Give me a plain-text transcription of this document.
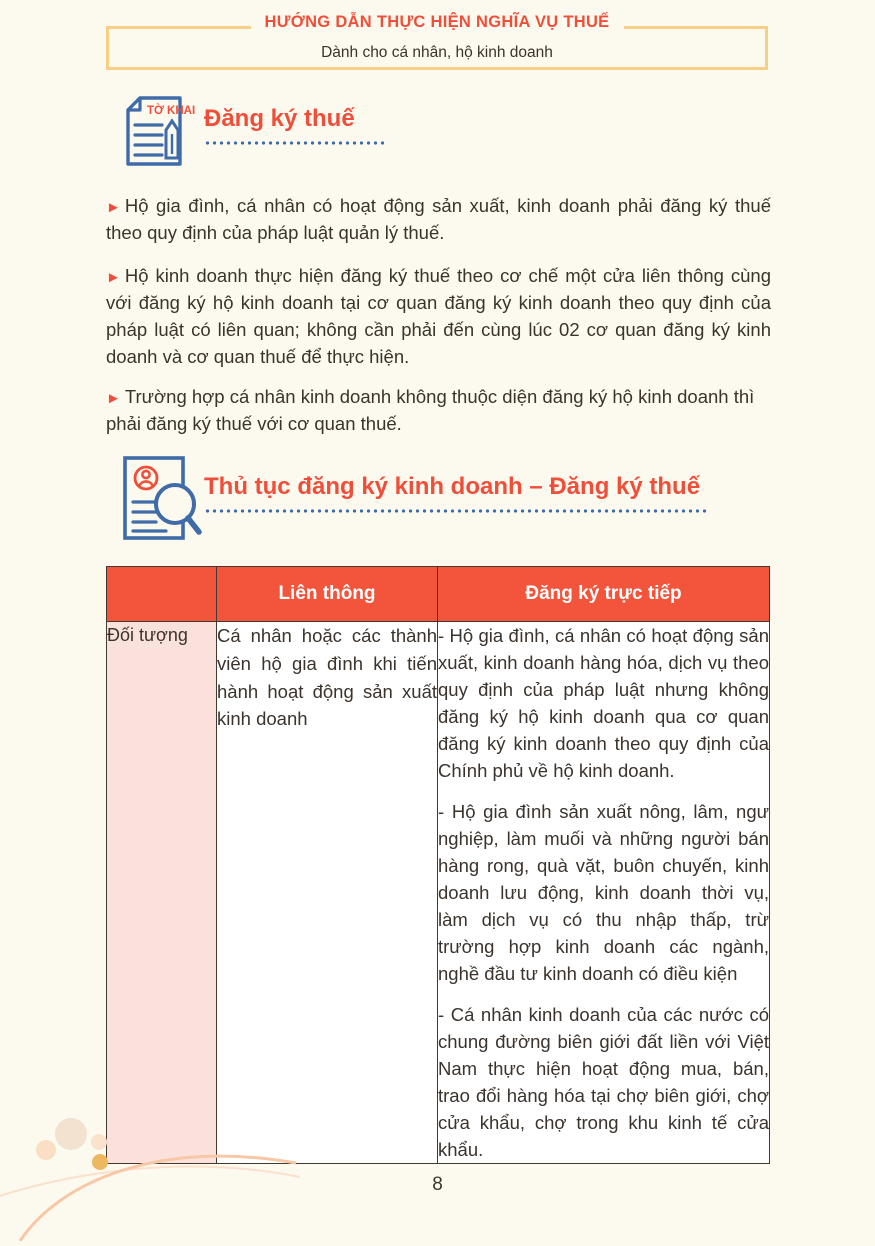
HƯỚNG DẪN THỰC HIỆN NGHĨA VỤ THUẾ
Dành cho cá nhân, hộ kinh doanh
TỜ KHAI Đăng ký thuế
► Hộ gia đình, cá nhân có hoạt động sản xuất, kinh doanh phải đăng ký thuế theo quy định của pháp luật quản lý thuế.
► Hộ kinh doanh thực hiện đăng ký thuế theo cơ chế một cửa liên thông cùng với đăng ký hộ kinh doanh tại cơ quan đăng ký kinh doanh theo quy định của pháp luật có liên quan; không cần phải đến cùng lúc 02 cơ quan đăng ký kinh doanh và cơ quan thuế để thực hiện.
► Trường hợp cá nhân kinh doanh không thuộc diện đăng ký hộ kinh doanh thì phải đăng ký thuế với cơ quan thuế.
Thủ tục đăng ký kinh doanh – Đăng ký thuế
	Liên thông	Đăng ký trực tiếp
Đối tượng	Cá nhân hoặc các thành viên hộ gia đình khi tiến hành hoạt động sản xuất kinh doanh	- Hộ gia đình, cá nhân có hoạt động sản xuất, kinh doanh hàng hóa, dịch vụ theo quy định của pháp luật nhưng không đăng ký hộ kinh doanh qua cơ quan đăng ký kinh doanh theo quy định của Chính phủ về hộ kinh doanh.

- Hộ gia đình sản xuất nông, lâm, ngư nghiệp, làm muối và những người bán hàng rong, quà vặt, buôn chuyến, kinh doanh lưu động, kinh doanh thời vụ, làm dịch vụ có thu nhập thấp, trừ trường hợp kinh doanh các ngành, nghề đầu tư kinh doanh có điều kiện

- Cá nhân kinh doanh của các nước có chung đường biên giới đất liền với Việt Nam thực hiện hoạt động mua, bán, trao đổi hàng hóa tại chợ biên giới, chợ cửa khẩu, chợ trong khu kinh tế cửa khẩu.

8
